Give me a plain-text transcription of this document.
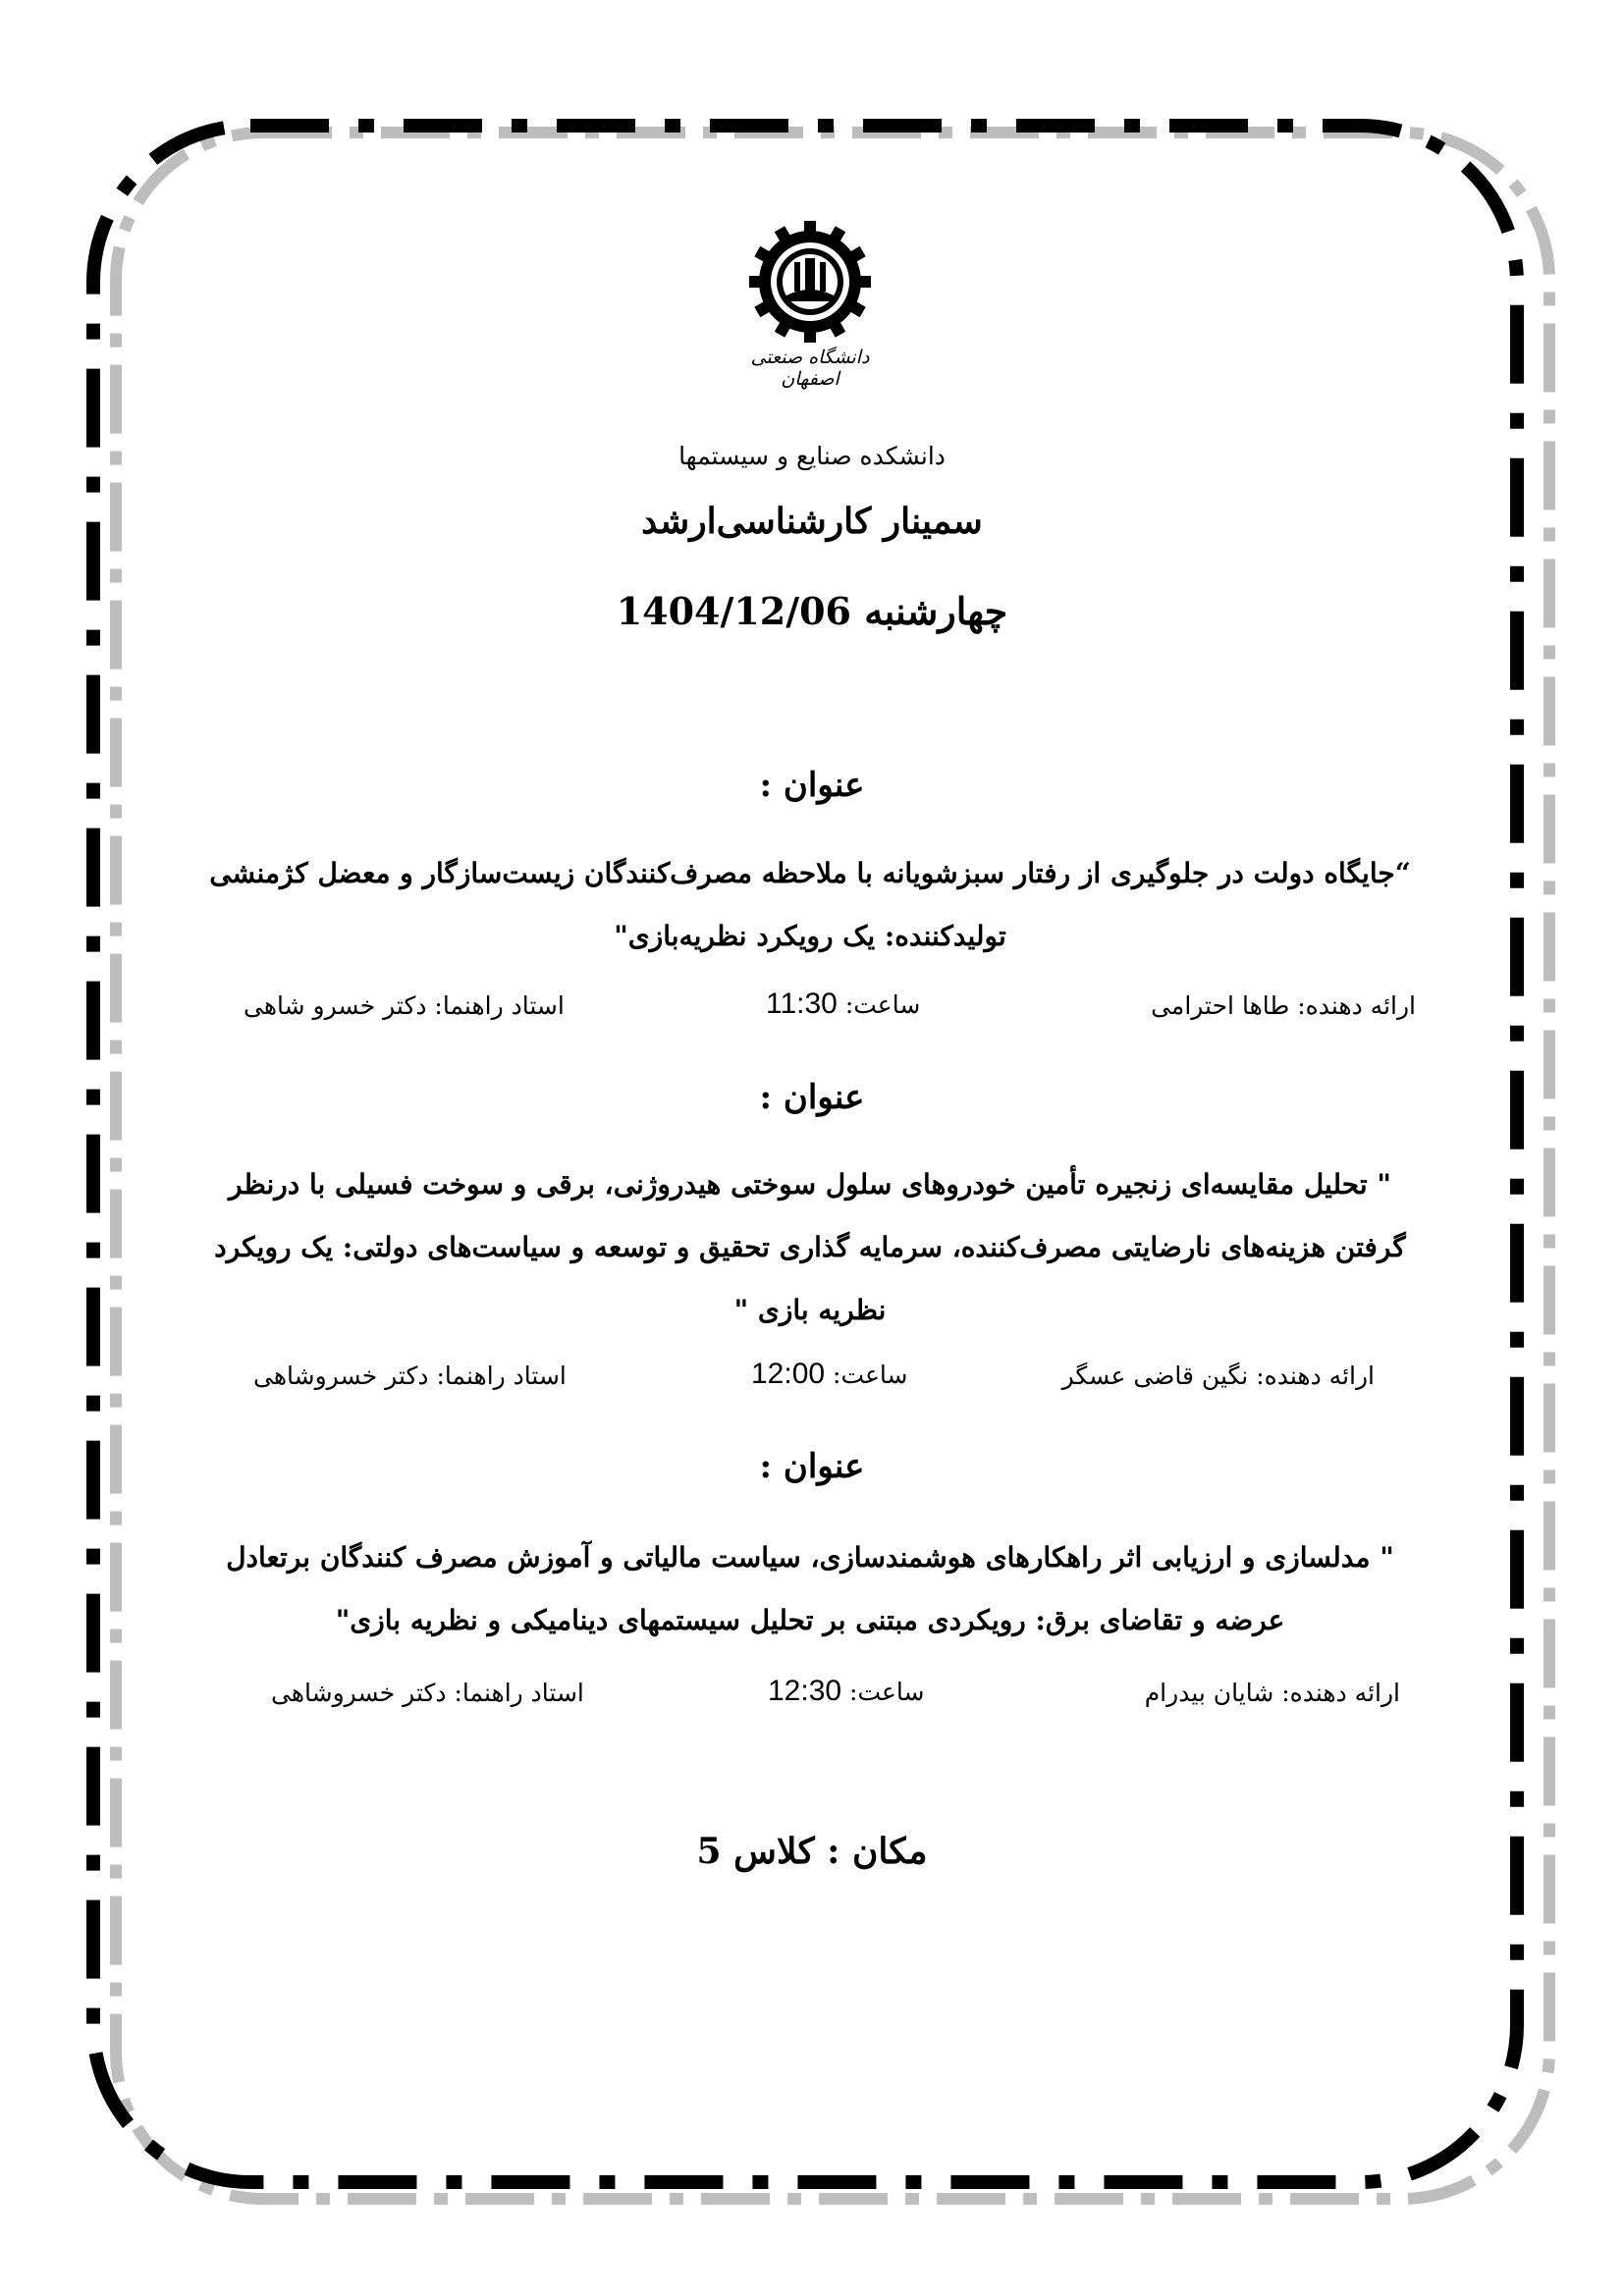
دانشگاه صنعتی اصفهان
دانشکده صنایع و سیستمها
سمینار کارشناسی‌ارشد
چهارشنبه 1404/12/06
عنوان :
“جایگاه دولت در جلوگیری از رفتار سبزشویانه با ملاحظه مصرف‌کنندگان زیست‌سازگار و معضل کژمنشی
تولیدکننده: یک رویکرد نظریه‌بازی"
ارائه دهنده: طاها احترامی
ساعت: 11:30
استاد راهنما: دکتر خسرو شاهی
عنوان :
" تحلیل مقایسه‌ای زنجیره تأمین خودروهای سلول سوختی هیدروژنی، برقی و سوخت فسیلی با درنظر
گرفتن هزینه‌های نارضایتی مصرف‌کننده، سرمایه گذاری تحقیق و توسعه و سیاست‌های دولتی: یک رویکرد
نظریه بازی "
ارائه دهنده: نگین قاضی عسگر
ساعت: 12:00
استاد راهنما: دکتر خسروشاهی
عنوان :
" مدلسازی و ارزیابی اثر راهکارهای هوشمندسازی، سیاست مالیاتی و آموزش مصرف کنندگان برتعادل
عرضه و تقاضای برق: رویکردی مبتنی بر تحلیل سیستمهای دینامیکی و نظریه بازی"
ارائه دهنده: شایان بیدرام
ساعت: 12:30
استاد راهنما: دکتر خسروشاهی
مکان : کلاس 5
